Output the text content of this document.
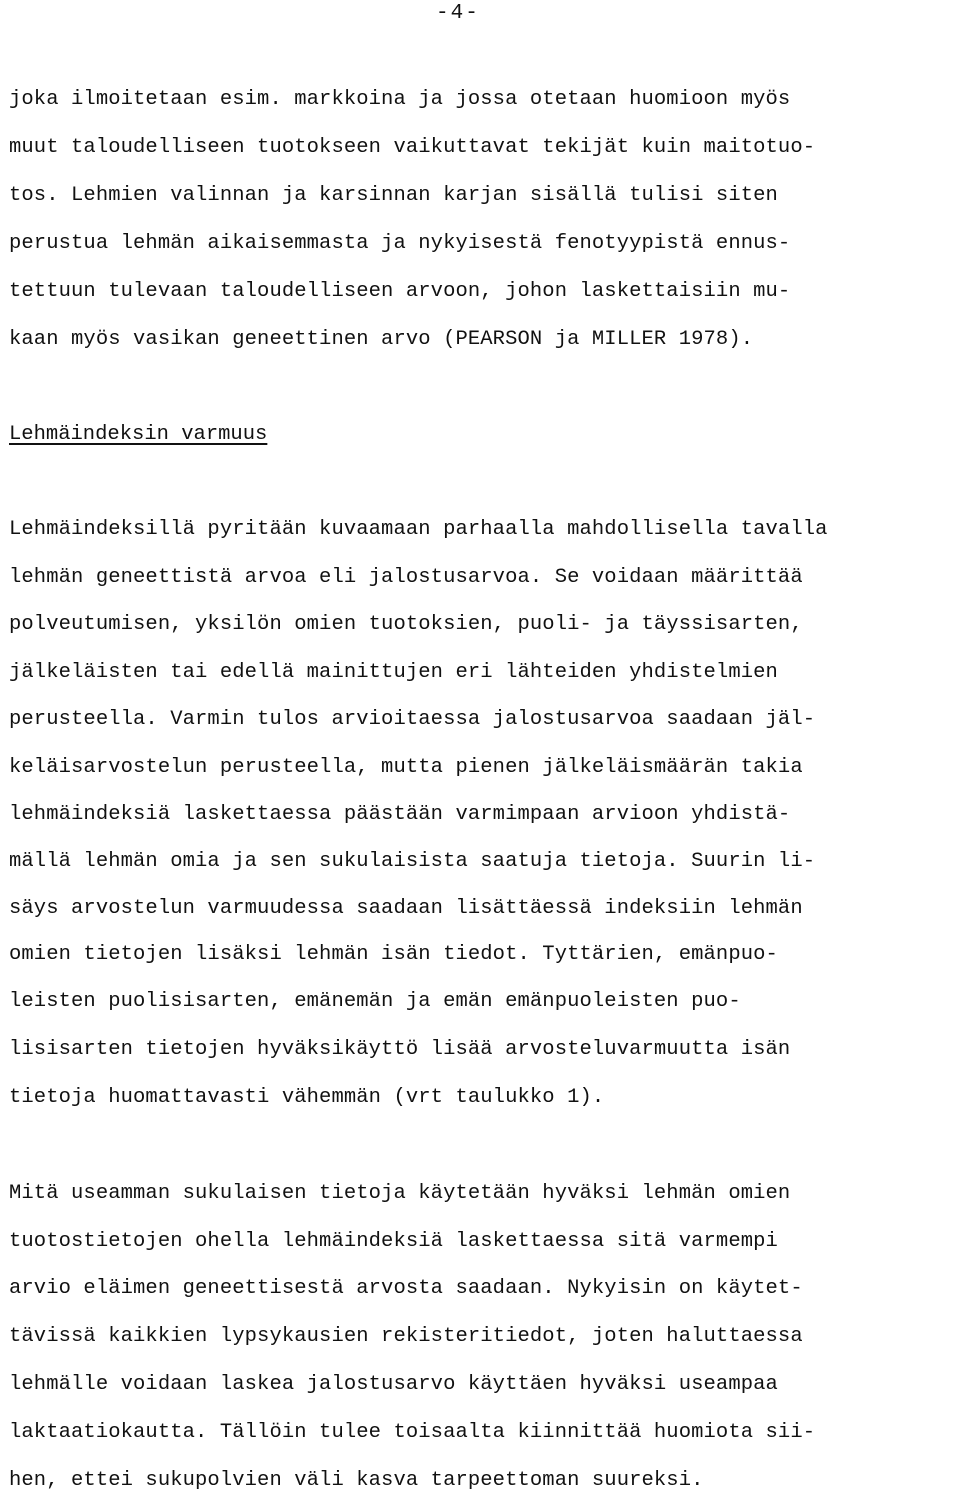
-4-
joka ilmoitetaan esim. markkoina ja jossa otetaan huomioon myös
muut taloudelliseen tuotokseen vaikuttavat tekijät kuin maitotuo-
tos. Lehmien valinnan ja karsinnan karjan sisällä tulisi siten
perustua lehmän aikaisemmasta ja nykyisestä fenotyypistä ennus-
tettuun tulevaan taloudelliseen arvoon, johon laskettaisiin mu-
kaan myös vasikan geneettinen arvo (PEARSON ja MILLER 1978).
Lehmäindeksin varmuus
Lehmäindeksillä pyritään kuvaamaan parhaalla mahdollisella tavalla
lehmän geneettistä arvoa eli jalostusarvoa. Se voidaan määrittää
polveutumisen, yksilön omien tuotoksien, puoli- ja täyssisarten,
jälkeläisten tai edellä mainittujen eri lähteiden yhdistelmien
perusteella. Varmin tulos arvioitaessa jalostusarvoa saadaan jäl-
keläisarvostelun perusteella, mutta pienen jälkeläismäärän takia
lehmäindeksiä laskettaessa päästään varmimpaan arvioon yhdistä-
mällä lehmän omia ja sen sukulaisista saatuja tietoja. Suurin li-
säys arvostelun varmuudessa saadaan lisättäessä indeksiin lehmän
omien tietojen lisäksi lehmän isän tiedot. Tyttärien, emänpuo-
leisten puolisisarten, emänemän ja emän emänpuoleisten puo-
lisisarten tietojen hyväksikäyttö lisää arvosteluvarmuutta isän
tietoja huomattavasti vähemmän (vrt taulukko 1).
Mitä useamman sukulaisen tietoja käytetään hyväksi lehmän omien
tuotostietojen ohella lehmäindeksiä laskettaessa sitä varmempi
arvio eläimen geneettisestä arvosta saadaan. Nykyisin on käytet-
tävissä kaikkien lypsykausien rekisteritiedot, joten haluttaessa
lehmälle voidaan laskea jalostusarvo käyttäen hyväksi useampaa
laktaatiokautta. Tällöin tulee toisaalta kiinnittää huomiota sii-
hen, ettei sukupolvien väli kasva tarpeettoman suureksi.
